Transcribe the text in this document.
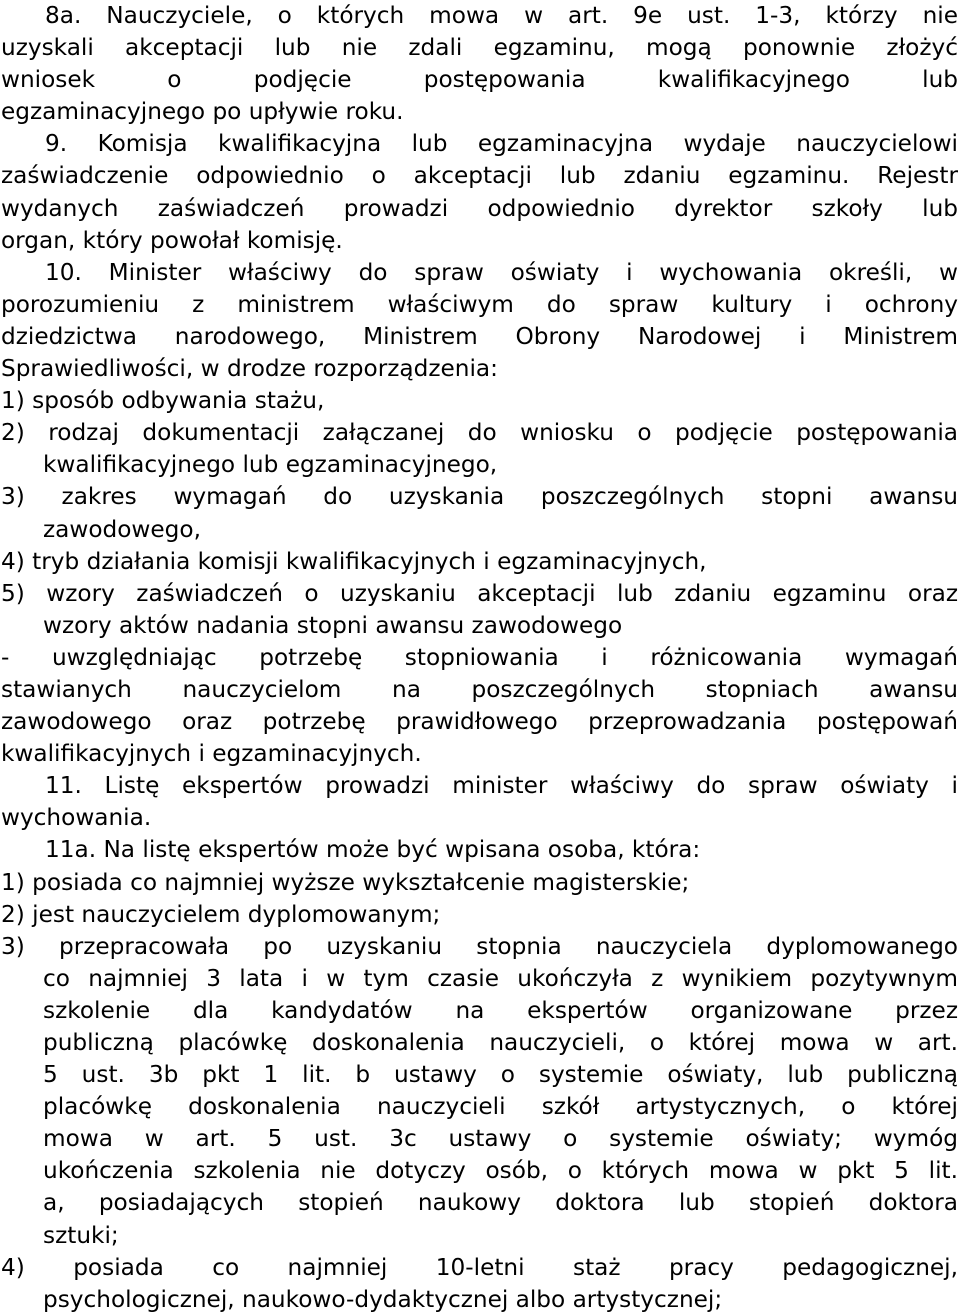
8a. Nauczyciele, o których mowa w art. 9e ust. 1-3, którzy nie
uzyskali akceptacji lub nie zdali egzaminu, mogą ponownie złożyć
wniosek o podjęcie postępowania kwalifikacyjnego lub
egzaminacyjnego po upływie roku.
9. Komisja kwalifikacyjna lub egzaminacyjna wydaje nauczycielowi
zaświadczenie odpowiednio o akceptacji lub zdaniu egzaminu. Rejestr
wydanych zaświadczeń prowadzi odpowiednio dyrektor szkoły lub
organ, który powołał komisję.
10. Minister właściwy do spraw oświaty i wychowania określi, w
porozumieniu z ministrem właściwym do spraw kultury i ochrony
dziedzictwa narodowego, Ministrem Obrony Narodowej i Ministrem
Sprawiedliwości, w drodze rozporządzenia:
1) sposób odbywania stażu,
2) rodzaj dokumentacji załączanej do wniosku o podjęcie postępowania
kwalifikacyjnego lub egzaminacyjnego,
3) zakres wymagań do uzyskania poszczególnych stopni awansu
zawodowego,
4) tryb działania komisji kwalifikacyjnych i egzaminacyjnych,
5) wzory zaświadczeń o uzyskaniu akceptacji lub zdaniu egzaminu oraz
wzory aktów nadania stopni awansu zawodowego
- uwzględniając potrzebę stopniowania i różnicowania wymagań
stawianych nauczycielom na poszczególnych stopniach awansu
zawodowego oraz potrzebę prawidłowego przeprowadzania postępowań
kwalifikacyjnych i egzaminacyjnych.
11. Listę ekspertów prowadzi minister właściwy do spraw oświaty i
wychowania.
11a. Na listę ekspertów może być wpisana osoba, która:
1) posiada co najmniej wyższe wykształcenie magisterskie;
2) jest nauczycielem dyplomowanym;
3) przepracowała po uzyskaniu stopnia nauczyciela dyplomowanego
co najmniej 3 lata i w tym czasie ukończyła z wynikiem pozytywnym
szkolenie dla kandydatów na ekspertów organizowane przez
publiczną placówkę doskonalenia nauczycieli, o której mowa w art.
5 ust. 3b pkt 1 lit. b ustawy o systemie oświaty, lub publiczną
placówkę doskonalenia nauczycieli szkół artystycznych, o której
mowa w art. 5 ust. 3c ustawy o systemie oświaty; wymóg
ukończenia szkolenia nie dotyczy osób, o których mowa w pkt 5 lit.
a, posiadających stopień naukowy doktora lub stopień doktora
sztuki;
4) posiada co najmniej 10-letni staż pracy pedagogicznej,
psychologicznej, naukowo-dydaktycznej albo artystycznej;
